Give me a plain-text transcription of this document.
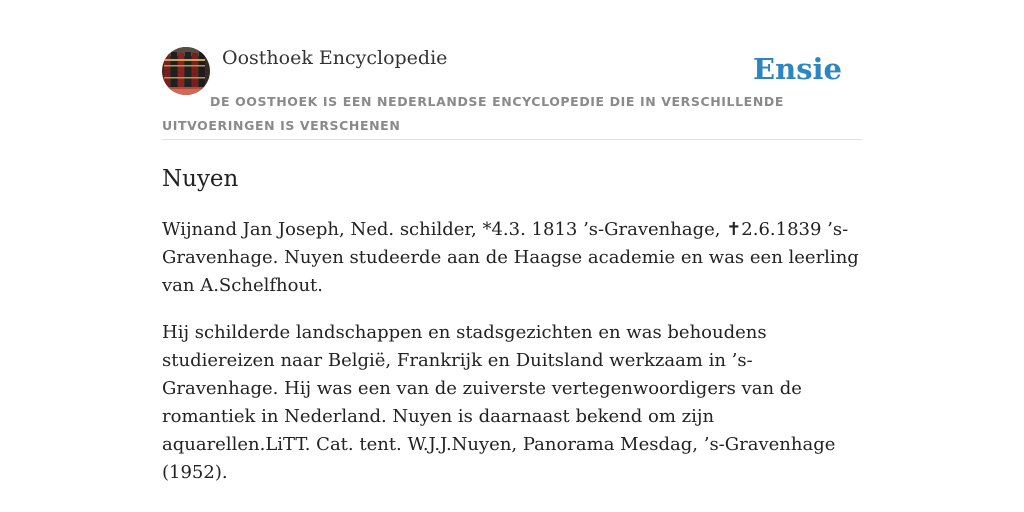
Oosthoek Encyclopedie	Ensie
DE OOSTHOEK IS EEN NEDERLANDSE ENCYCLOPEDIE DIE IN VERSCHILLENDE UITVOERINGEN IS VERSCHENEN
Nuyen

Wijnand Jan Joseph, Ned. schilder, *4.3. 1813 ’s-Gravenhage, ✝2.6.1839 ’s-Gravenhage. Nuyen studeerde aan de Haagse academie en was een leerling van A.Schelfhout.

Hij schilderde landschappen en stadsgezichten en was behoudens studiereizen naar België, Frankrijk en Duitsland werkzaam in ’s-Gravenhage. Hij was een van de zuiverste vertegenwoordigers van de romantiek in Nederland. Nuyen is daarnaast bekend om zijn aquarellen.LiTT. Cat. tent. W.J.J.Nuyen, Panorama Mesdag, ’s-Gravenhage (1952).
